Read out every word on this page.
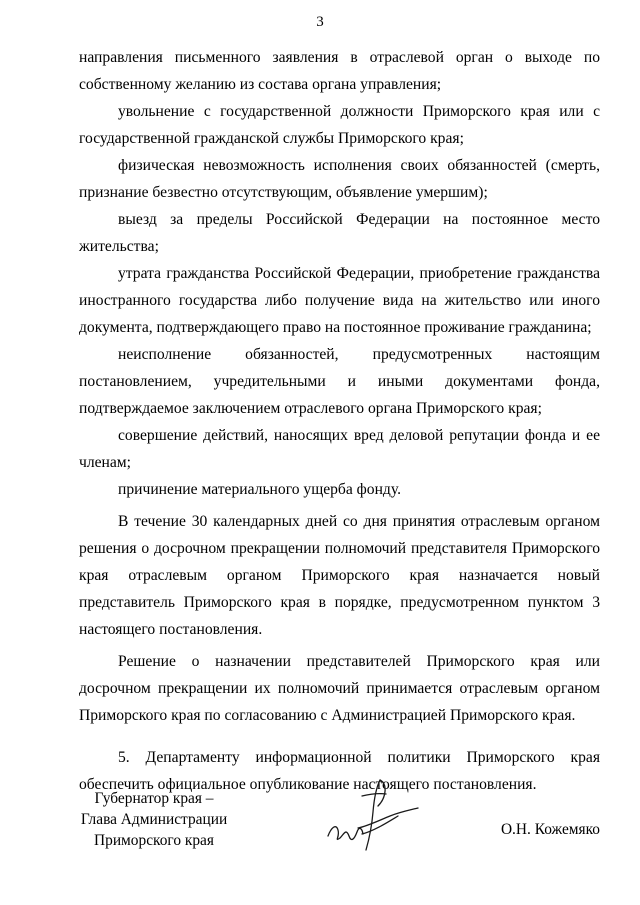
3

направления письменного заявления в отраслевой орган о выходе по собственному желанию из состава органа управления;

увольнение с государственной должности Приморского края или с государственной гражданской службы Приморского края;

физическая невозможность исполнения своих обязанностей (смерть, признание безвестно отсутствующим, объявление умершим);

выезд за пределы Российской Федерации на постоянное место жительства;

утрата гражданства Российской Федерации, приобретение гражданства иностранного государства либо получение вида на жительство или иного документа, подтверждающего право на постоянное проживание гражданина;

неисполнение обязанностей, предусмотренных настоящим постановлением, учредительными и иными документами фонда, подтверждаемое заключением отраслевого органа Приморского края;

совершение действий, наносящих вред деловой репутации фонда и ее членам;

причинение материального ущерба фонду.

В течение 30 календарных дней со дня принятия отраслевым органом решения о досрочном прекращении полномочий представителя Приморского края отраслевым органом Приморского края назначается новый представитель Приморского края в порядке, предусмотренном пунктом 3 настоящего постановления.

Решение о назначении представителей Приморского края или досрочном прекращении их полномочий принимается отраслевым органом Приморского края по согласованию с Администрацией Приморского края.

5. Департаменту информационной политики Приморского края обеспечить официальное опубликование настоящего постановления.

Губернатор края –
Глава Администрации
Приморского края
О.Н. Кожемяко
